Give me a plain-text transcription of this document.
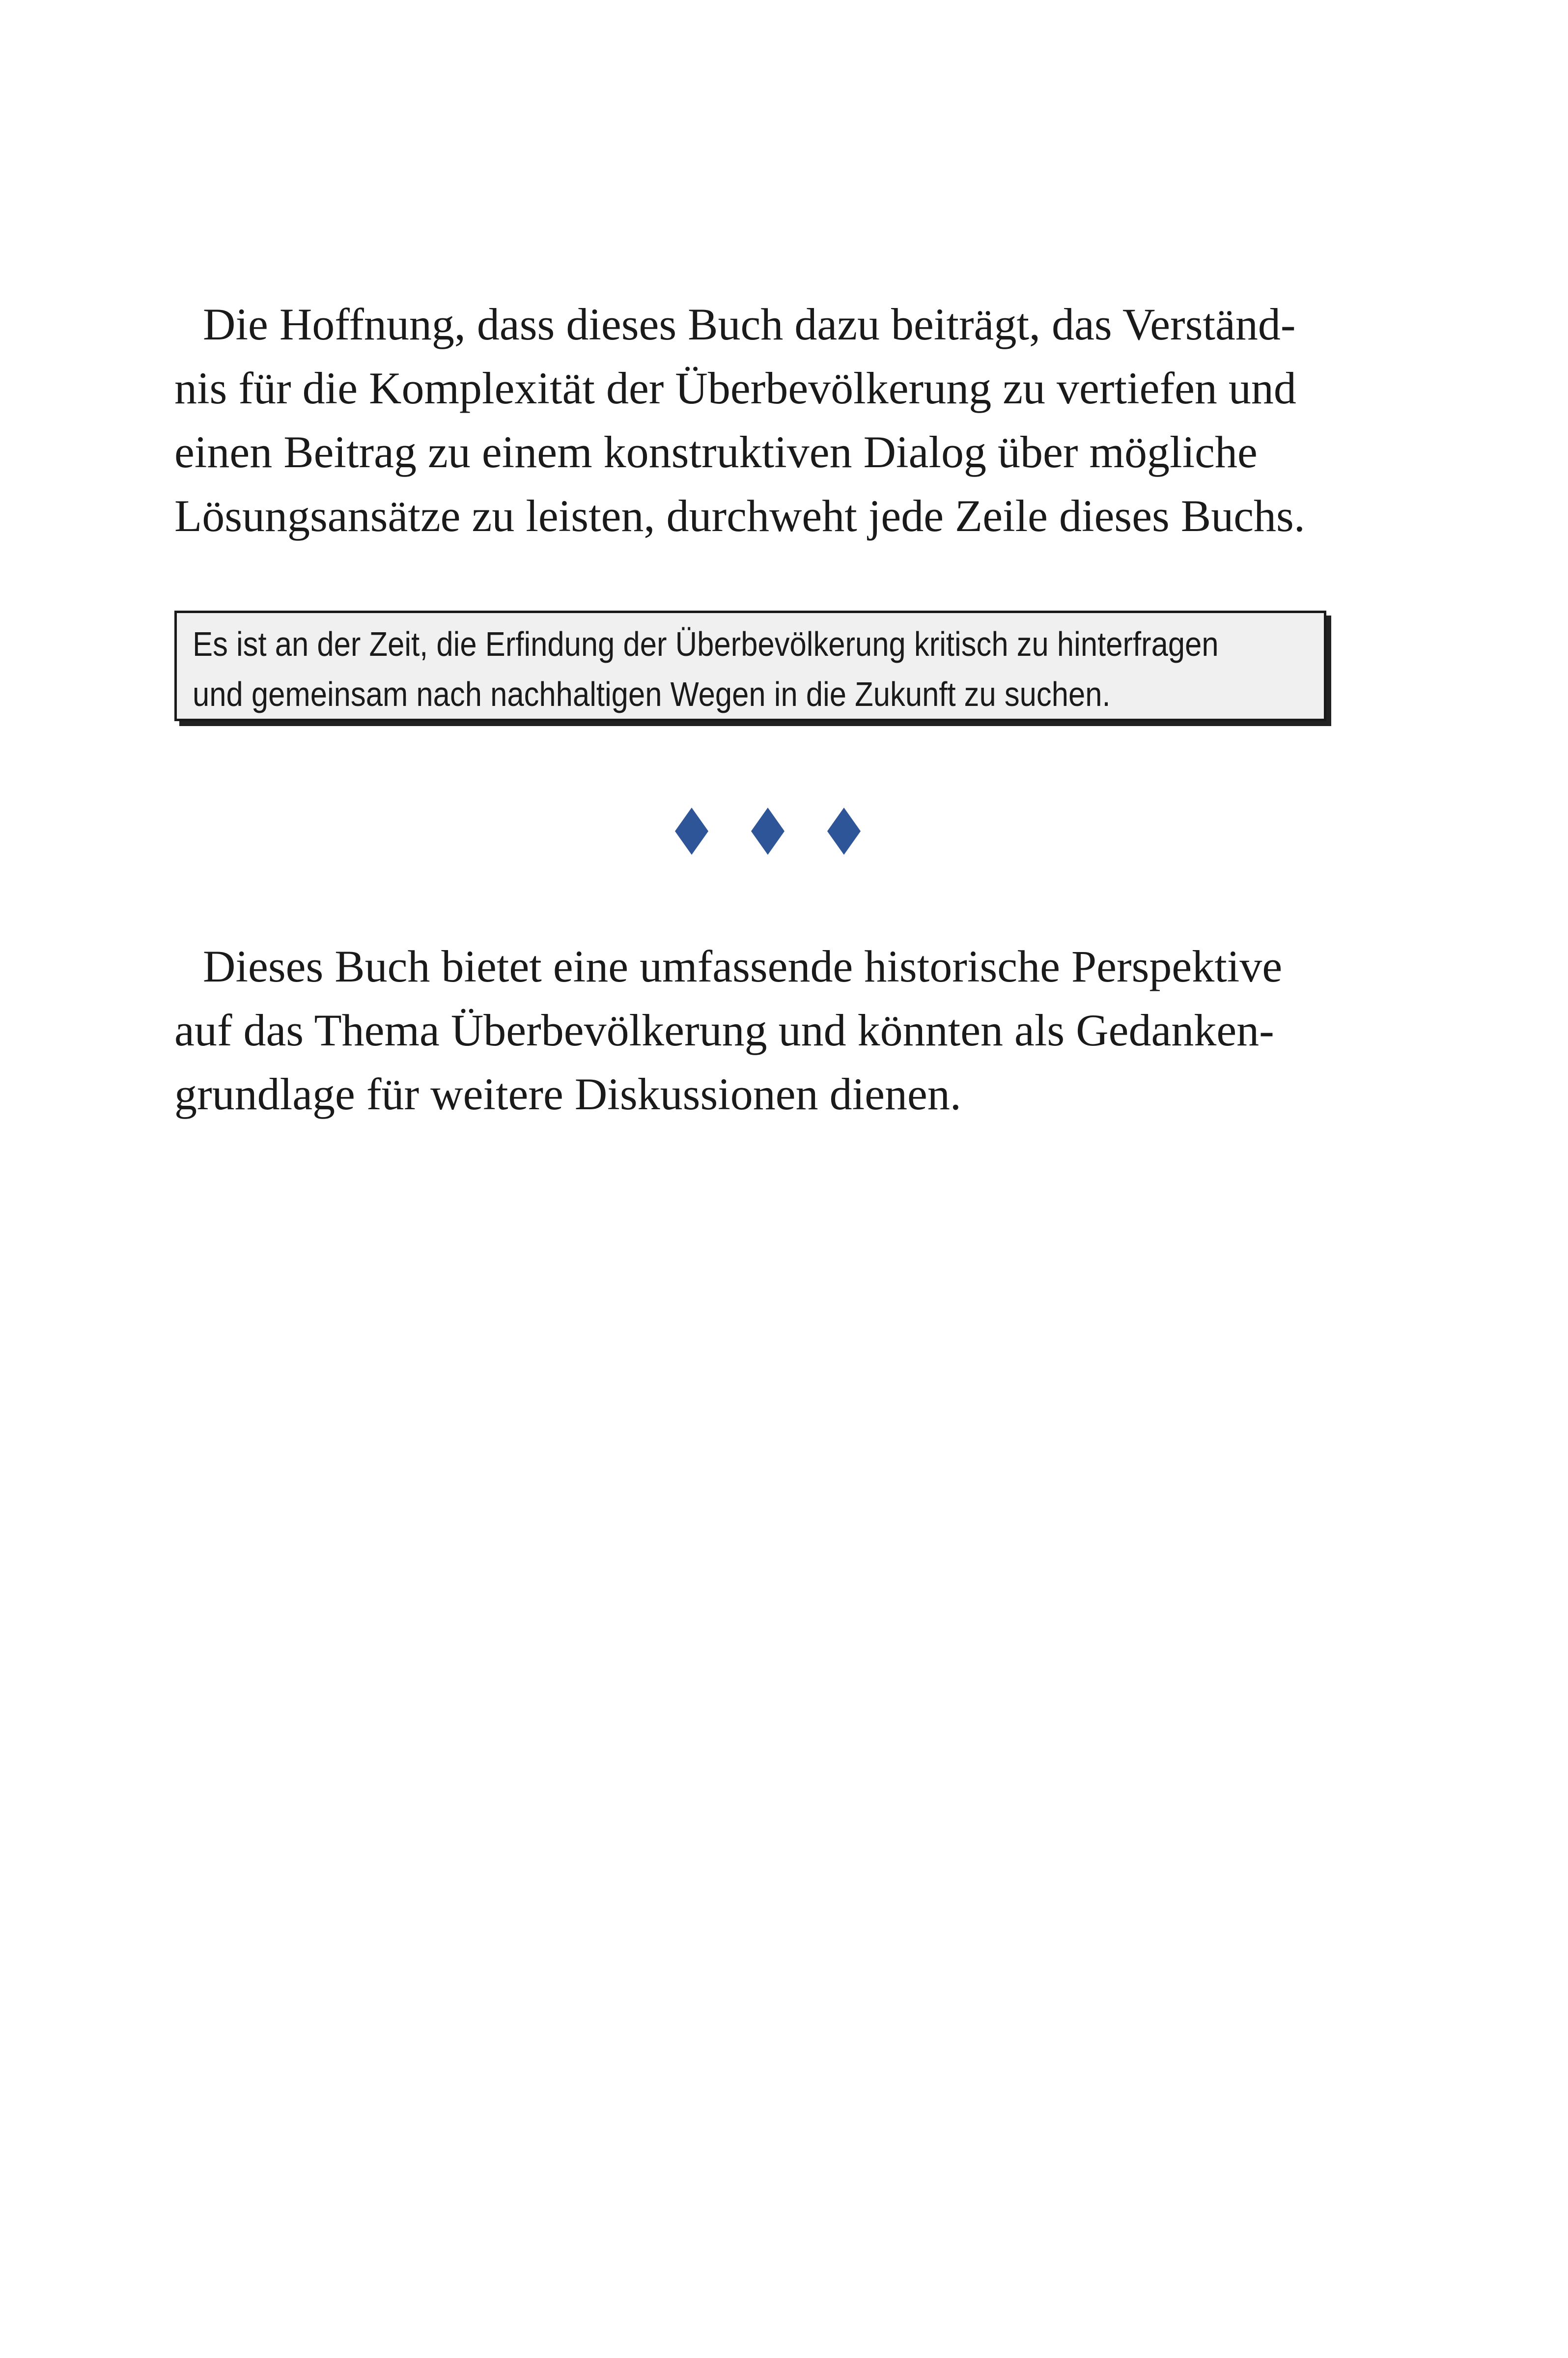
Die Hoffnung, dass dieses Buch dazu beiträgt, das Verständ-
nis für die Komplexität der Überbevölkerung zu vertiefen und
einen Beitrag zu einem konstruktiven Dialog über mögliche
Lösungsansätze zu leisten, durchweht jede Zeile dieses Buchs.
Es ist an der Zeit, die Erfindung der Überbevölkerung kritisch zu hinterfragen
und gemeinsam nach nachhaltigen Wegen in die Zukunft zu suchen.
Dieses Buch bietet eine umfassende historische Perspektive
auf das Thema Überbevölkerung und könnten als Gedanken-
grundlage für weitere Diskussionen dienen.
